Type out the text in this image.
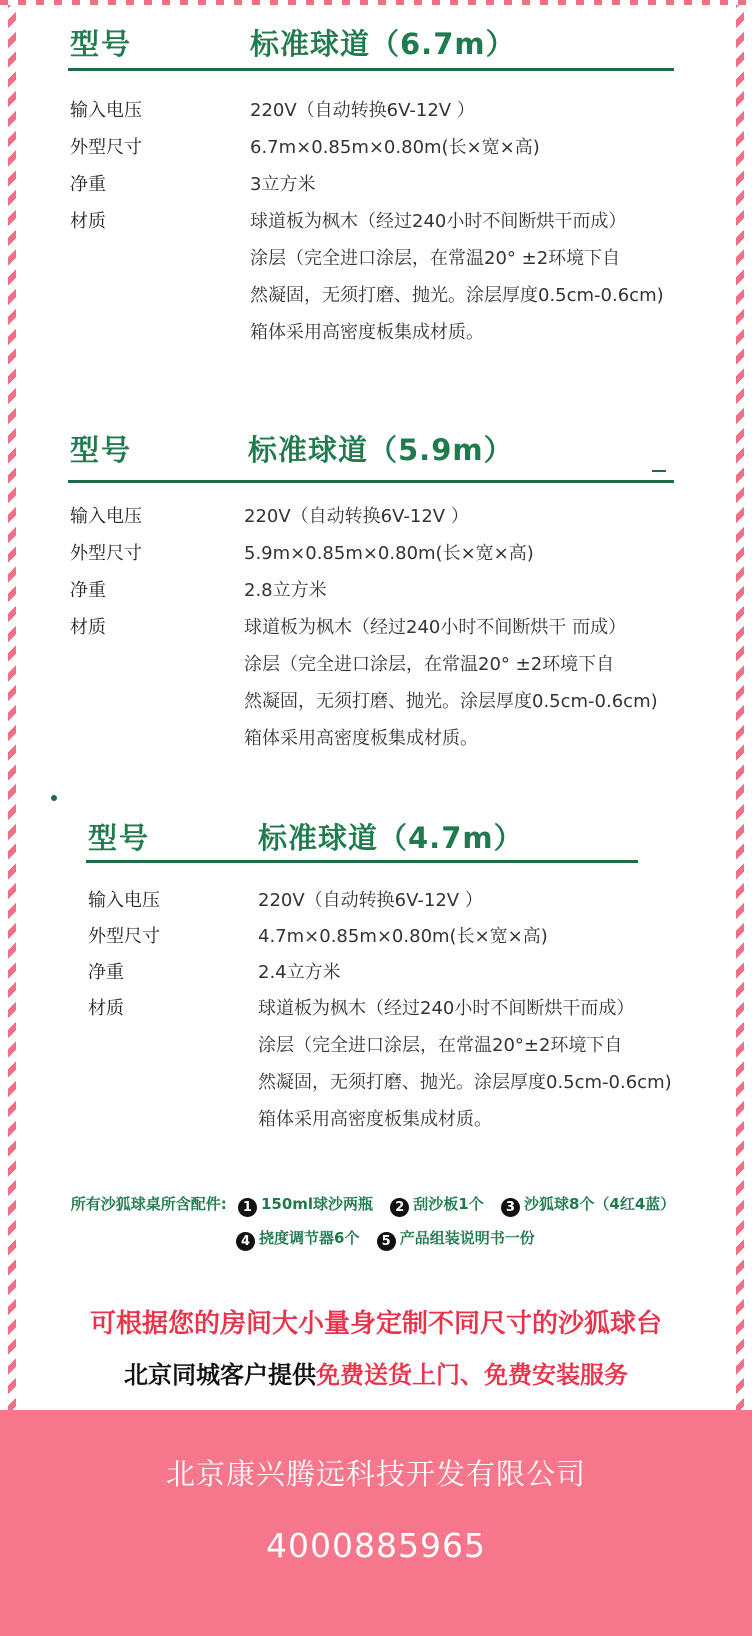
型号	标准球道（6.7m）
输入电压	220V（自动转换6V-12V ）
外型尺寸	6.7m×0.85m×0.80m(长×宽×高)
净重	3立方米
材质	球道板为枫木（经过240小时不间断烘干而成）
涂层（完全进口涂层，在常温20° ±2环境下自
然凝固，无须打磨、抛光。涂层厚度0.5cm-0.6cm)
箱体采用高密度板集成材质。
型号	标准球道（5.9m）
输入电压	220V（自动转换6V-12V ）
外型尺寸	5.9m×0.85m×0.80m(长×宽×高)
净重	2.8立方米
材质	球道板为枫木（经过240小时不间断烘干 而成）
涂层（完全进口涂层，在常温20° ±2环境下自
然凝固，无须打磨、抛光。涂层厚度0.5cm-0.6cm)
箱体采用高密度板集成材质。
型号	标准球道（4.7m）
输入电压	220V（自动转换6V-12V ）
外型尺寸	4.7m×0.85m×0.80m(长×宽×高)
净重	2.4立方米
材质	球道板为枫木（经过240小时不间断烘干而成）
涂层（完全进口涂层，在常温20°±2环境下自
然凝固，无须打磨、抛光。涂层厚度0.5cm-0.6cm)
箱体采用高密度板集成材质。
所有沙狐球桌所含配件: 1 150ml球沙两瓶 2 刮沙板1个 3 沙狐球8个（4红4蓝）
4 挠度调节器6个 5 产品组装说明书一份
可根据您的房间大小量身定制不同尺寸的沙狐球台
北京同城客户提供免费送货上门、免费安装服务
北京康兴腾远科技开发有限公司
4000885965
